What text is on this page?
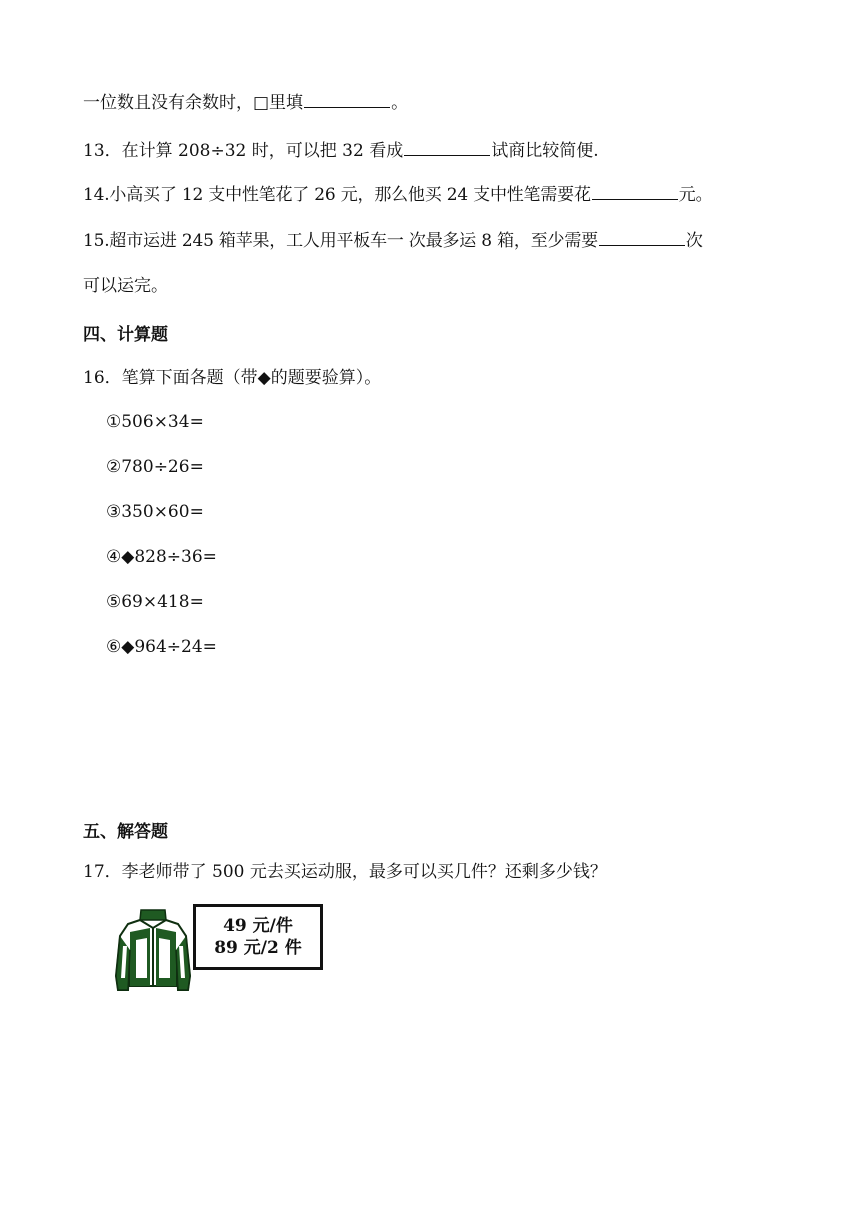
一位数且没有余数时，□里填	。
13．在计算 208÷32 时，可以把 32 看成	试商比较简便.
14.小高买了 12 支中性笔花了 26 元，那么他买 24 支中性笔需要花	元。
15.超市运进 245 箱苹果，工人用平板车一 次最多运 8 箱，至少需要	次
可以运完。
四、计算题
16．笔算下面各题（带◆的题要验算）。
①506×34=
②780÷26=
③350×60=
④◆828÷36=
⑤69×418=
⑥◆964÷24=
五、解答题
17．李老师带了 500 元去买运动服，最多可以买几件？还剩多少钱？
49 元/件
89 元/2 件
